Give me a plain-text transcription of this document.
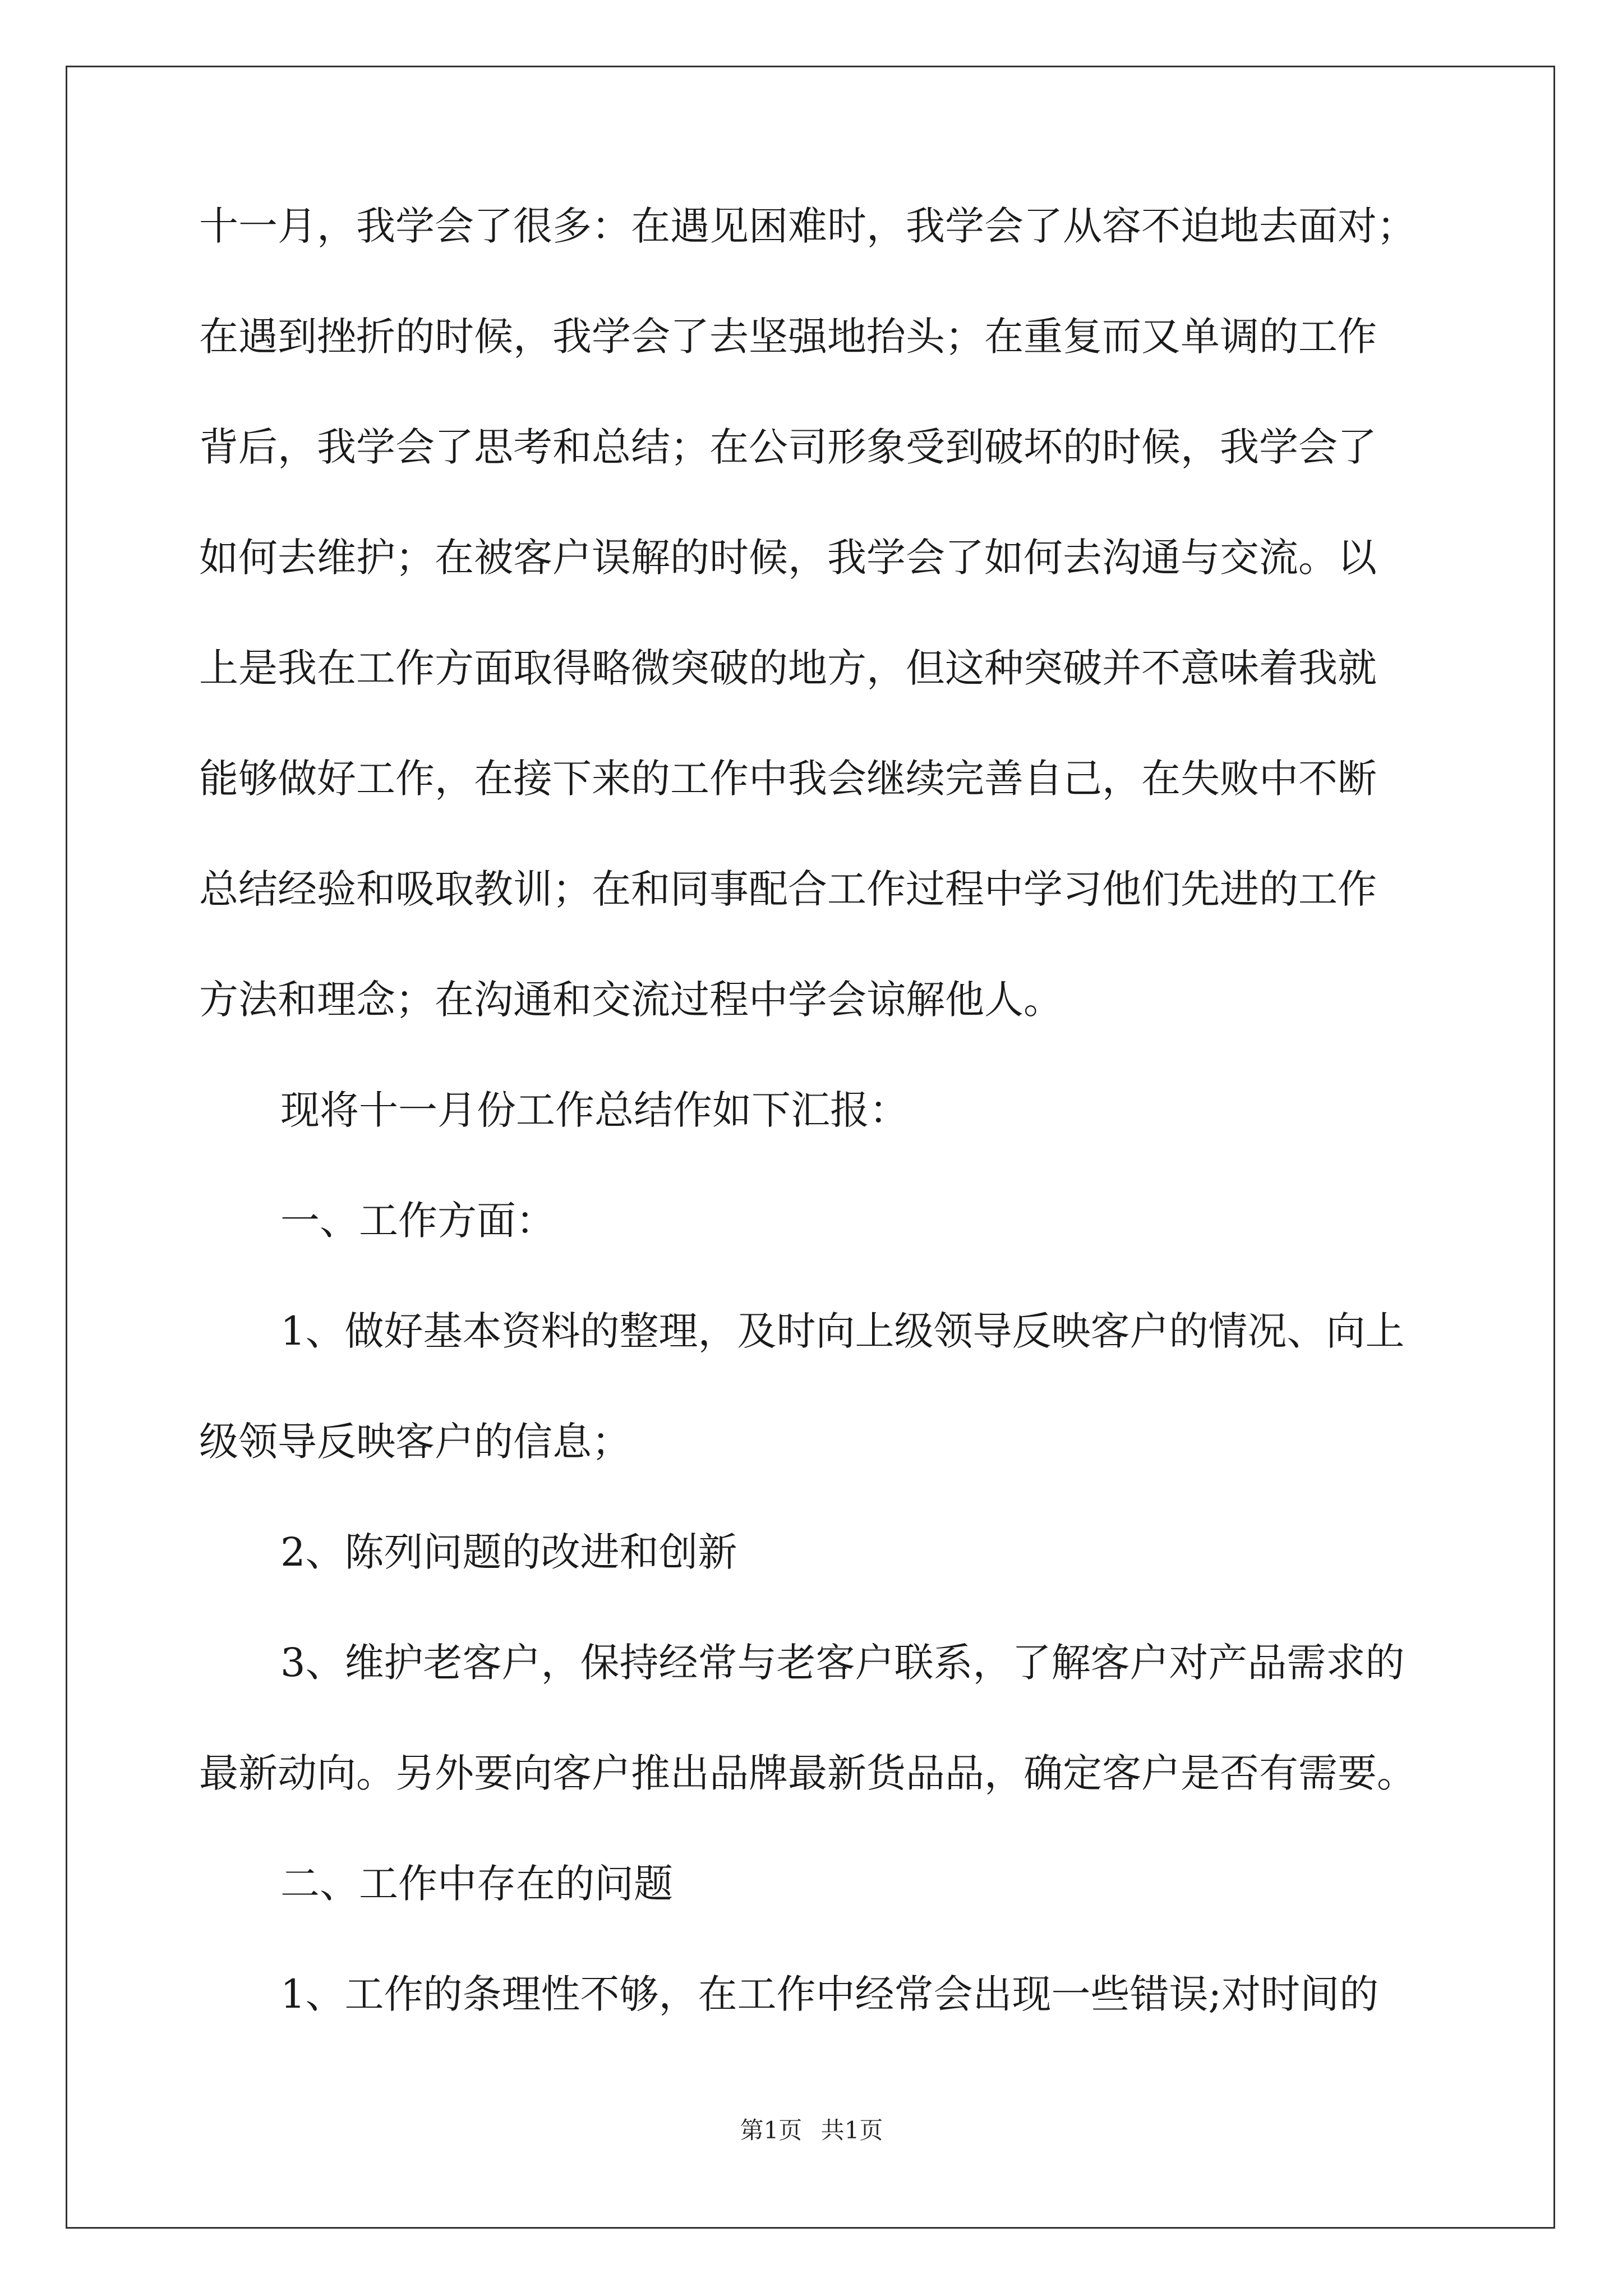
十一月，我学会了很多：在遇见困难时，我学会了从容不迫地去面对；
在遇到挫折的时候，我学会了去坚强地抬头；在重复而又单调的工作
背后，我学会了思考和总结；在公司形象受到破坏的时候，我学会了
如何去维护；在被客户误解的时候，我学会了如何去沟通与交流。以
上是我在工作方面取得略微突破的地方，但这种突破并不意味着我就
能够做好工作，在接下来的工作中我会继续完善自己，在失败中不断
总结经验和吸取教训；在和同事配合工作过程中学习他们先进的工作
方法和理念；在沟通和交流过程中学会谅解他人。
现将十一月份工作总结作如下汇报：
一、工作方面：
1、做好基本资料的整理，及时向上级领导反映客户的情况、向上
级领导反映客户的信息；
2、陈列问题的改进和创新
3、维护老客户，保持经常与老客户联系，了解客户对产品需求的
最新动向。另外要向客户推出品牌最新货品品，确定客户是否有需要。
二、工作中存在的问题
1、工作的条理性不够，在工作中经常会出现一些错误;对时间的
第1页 共1页
